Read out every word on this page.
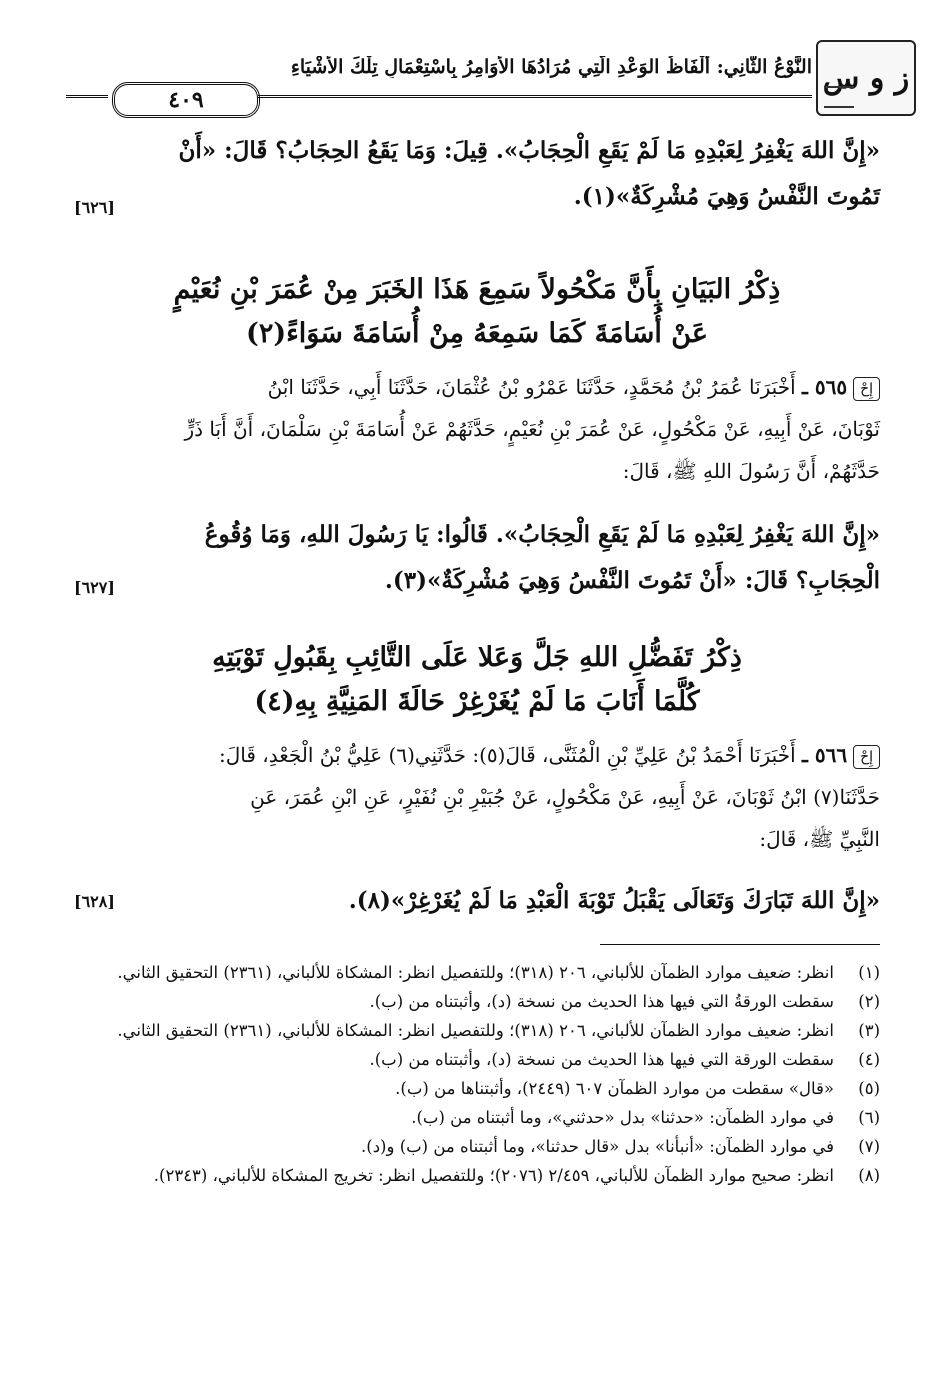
ز و س
النَّوْعُ الثَّانِي: أَلْفَاظُ الوَعْدِ الَّتِي مُرَادُهَا الأَوَامِرُ بِاسْتِعْمَالِ تِلْكَ الأَشْيَاءِ
٤٠٩
«إِنَّ اللهَ يَغْفِرُ لِعَبْدِهِ مَا لَمْ يَقَعِ الْحِجَابُ». قِيلَ: وَمَا يَقَعُ الحِجَابُ؟ قَالَ: «أَنْ
تَمُوتَ النَّفْسُ وَهِيَ مُشْرِكَةٌ»(١).
[٦٢٦]
ذِكْرُ البَيَانِ بِأَنَّ مَكْحُولاً سَمِعَ هَذَا الخَبَرَ مِنْ عُمَرَ بْنِ نُعَيْمٍ
عَنْ أُسَامَةَ كَمَا سَمِعَهُ مِنْ أُسَامَةَ سَوَاءً(٢)
إِحْ٥٦٥ ـ أَخْبَرَنَا عُمَرُ بْنُ مُحَمَّدٍ، حَدَّثَنَا عَمْرُو بْنُ عُثْمَانَ، حَدَّثَنَا أَبِي، حَدَّثَنَا ابْنُ
ثَوْبَانَ، عَنْ أَبِيهِ، عَنْ مَكْحُولٍ، عَنْ عُمَرَ بْنِ نُعَيْمٍ، حَدَّثَهُمْ عَنْ أُسَامَةَ بْنِ سَلْمَانَ، أَنَّ أَبَا ذَرٍّ
حَدَّثَهُمْ، أَنَّ رَسُولَ اللهِ ﷺ، قَالَ:
«إِنَّ اللهَ يَغْفِرُ لِعَبْدِهِ مَا لَمْ يَقَعِ الْحِجَابُ». قَالُوا: يَا رَسُولَ اللهِ، وَمَا وُقُوعُ
الْحِجَابِ؟ قَالَ: «أَنْ تَمُوتَ النَّفْسُ وَهِيَ مُشْرِكَةٌ»(٣).
[٦٢٧]
ذِكْرُ تَفَضُّلِ اللهِ جَلَّ وَعَلا عَلَى التَّائِبِ بِقَبُولِ تَوْبَتِهِ
كُلَّمَا أَنَابَ مَا لَمْ يُغَرْغِرْ حَالَةَ المَنِيَّةِ بِهِ(٤)
إِحْ٥٦٦ ـ أَخْبَرَنَا أَحْمَدُ بْنُ عَلِيِّ بْنِ الْمُثَنَّى، قَالَ(٥): حَدَّثَنِي(٦) عَلِيُّ بْنُ الْجَعْدِ، قَالَ:
حَدَّثَنَا(٧) ابْنُ ثَوْبَانَ، عَنْ أَبِيهِ، عَنْ مَكْحُولٍ، عَنْ جُبَيْرِ بْنِ نُفَيْرٍ، عَنِ ابْنِ عُمَرَ، عَنِ
النَّبِيِّ ﷺ، قَالَ:
«إِنَّ اللهَ تَبَارَكَ وَتَعَالَى يَقْبَلُ تَوْبَةَ الْعَبْدِ مَا لَمْ يُغَرْغِرْ»(٨).
[٦٢٨]
(١)
انظر: ضعيف موارد الظمآن للألباني، ٢٠٦ (٣١٨)؛ وللتفصيل انظر: المشكاة للألباني، (٢٣٦١) التحقيق الثاني.
(٢)
سقطت الورقةُ التي فيها هذا الحديث من نسخة (د)، وأثبتناه من (ب).
(٣)
انظر: ضعيف موارد الظمآن للألباني، ٢٠٦ (٣١٨)؛ وللتفصيل انظر: المشكاة للألباني، (٢٣٦١) التحقيق الثاني.
(٤)
سقطت الورقة التي فيها هذا الحديث من نسخة (د)، وأثبتناه من (ب).
(٥)
«قال» سقطت من موارد الظمآن ٦٠٧ (٢٤٤٩)، وأثبتناها من (ب).
(٦)
في موارد الظمآن: «حدثنا» بدل «حدثني»، وما أثبتناه من (ب).
(٧)
في موارد الظمآن: «أنبأنا» بدل «قال حدثنا»، وما أثبتناه من (ب) و(د).
(٨)
انظر: صحيح موارد الظمآن للألباني، ٢/٤٥٩ (٢٠٧٦)؛ وللتفصيل انظر: تخريج المشكاة للألباني، (٢٣٤٣).
